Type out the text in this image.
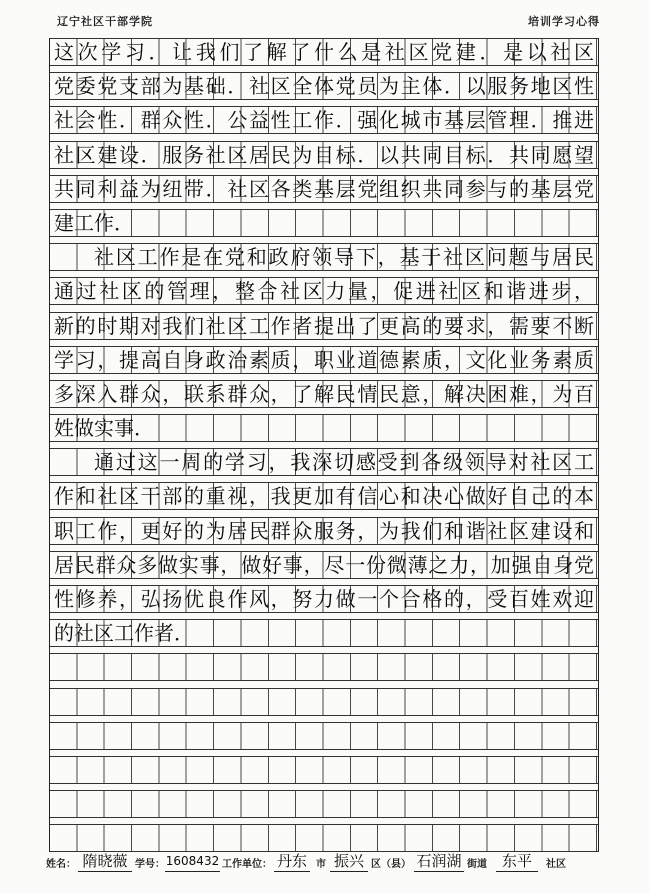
辽宁社区干部学院	培训学习心得
这次学习．让我们了解了什么是社区党建．是以社区
党委党支部为基础．社区全体党员为主体．以服务地区性
社会性．群众性．公益性工作．强化城市基层管理．推进
社区建设．服务社区居民为目标．以共同目标．共同愿望
共同利益为纽带．社区各类基层党组织共同参与的基层党
建工作．
社区工作是在党和政府领导下，基于社区问题与居民
通过社区的管理，整合社区力量，促进社区和谐进步，
新的时期对我们社区工作者提出了更高的要求，需要不断
学习，提高自身政治素质，职业道德素质，文化业务素质
多深入群众，联系群众，了解民情民意，解决困难，为百
姓做实事．
通过这一周的学习，我深切感受到各级领导对社区工
作和社区干部的重视，我更加有信心和决心做好自己的本
职工作，更好的为居民群众服务，为我们和谐社区建设和
居民群众多做实事，做好事，尽一份微薄之力，加强自身党
性修养，弘扬优良作风，努力做一个合格的，受百姓欢迎
的社区工作者．
姓名： 隋晓薇 学号： 1608432 工作单位： 丹东 市 振兴 区（县） 石润湖 街道 东平	社区
